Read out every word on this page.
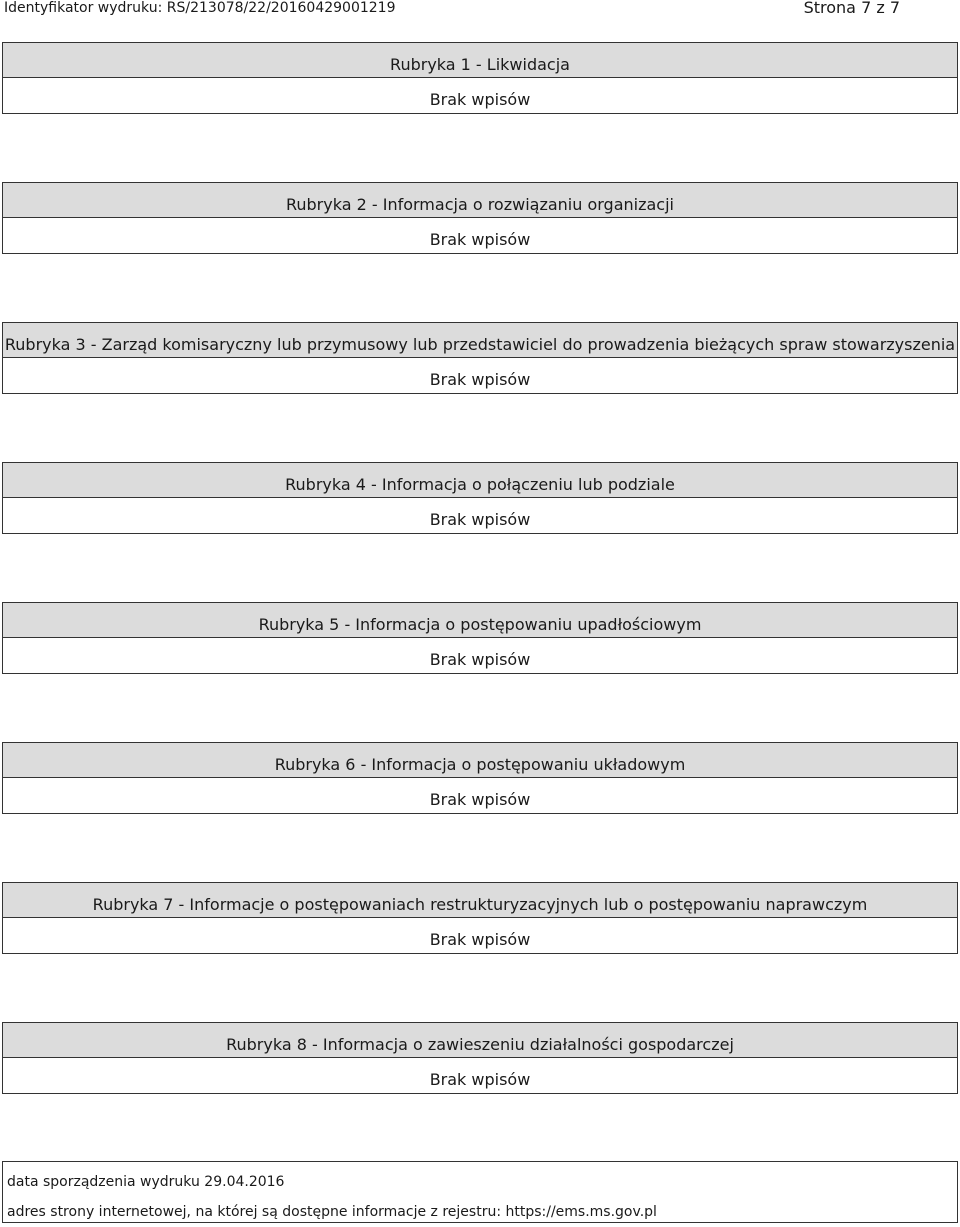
Identyfikator wydruku: RS/213078/22/20160429001219	Strona 7 z 7
Rubryka 1 - Likwidacja
Brak wpisów
Rubryka 2 - Informacja o rozwiązaniu organizacji
Brak wpisów
Rubryka 3 - Zarząd komisaryczny lub przymusowy lub przedstawiciel do prowadzenia bieżących spraw stowarzyszenia
Brak wpisów
Rubryka 4 - Informacja o połączeniu lub podziale
Brak wpisów
Rubryka 5 - Informacja o postępowaniu upadłościowym
Brak wpisów
Rubryka 6 - Informacja o postępowaniu układowym
Brak wpisów
Rubryka 7 - Informacje o postępowaniach restrukturyzacyjnych lub o postępowaniu naprawczym
Brak wpisów
Rubryka 8 - Informacja o zawieszeniu działalności gospodarczej
Brak wpisów
data sporządzenia wydruku 29.04.2016
adres strony internetowej, na której są dostępne informacje z rejestru: https://ems.ms.gov.pl
